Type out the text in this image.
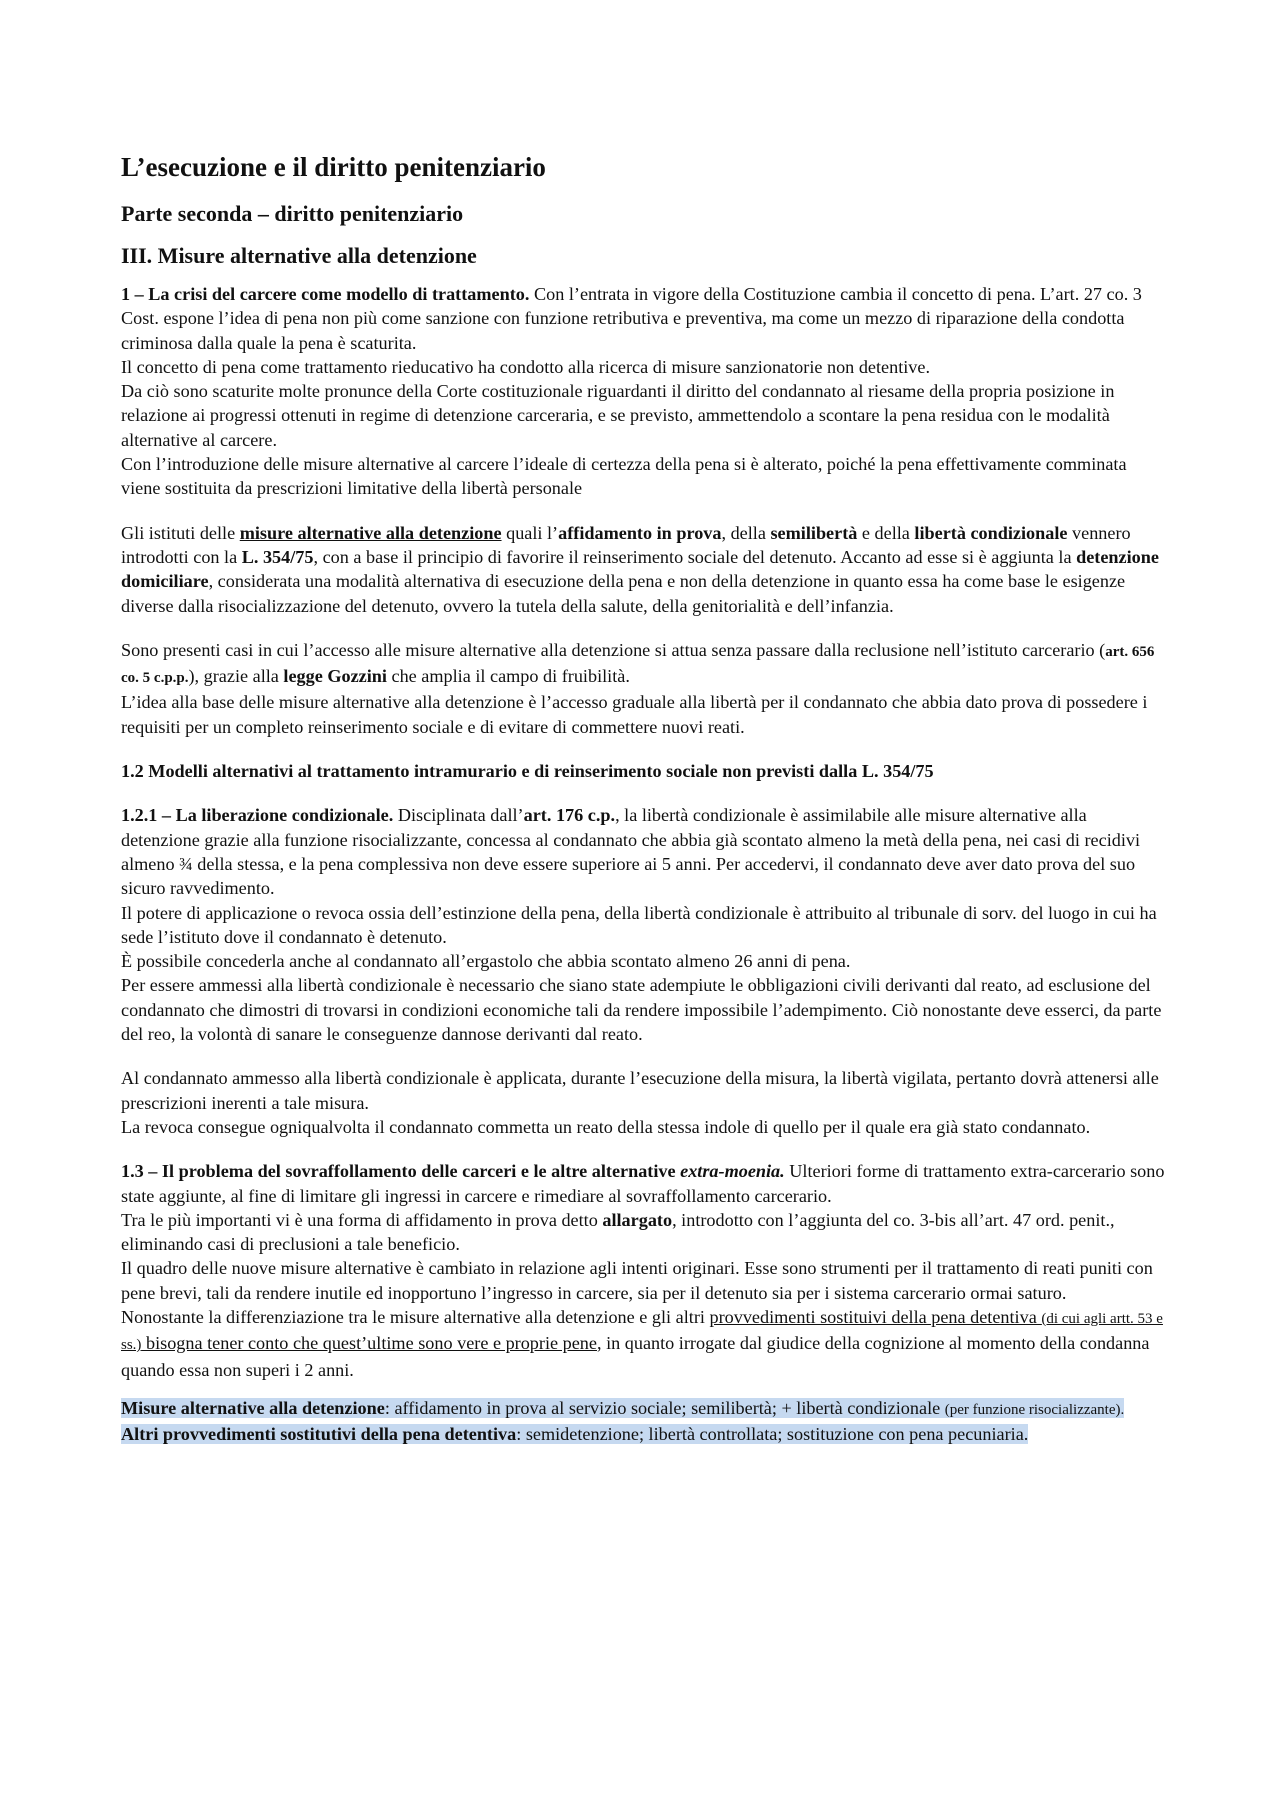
L’esecuzione e il diritto penitenziario
Parte seconda – diritto penitenziario
III. Misure alternative alla detenzione

1 – La crisi del carcere come modello di trattamento. Con l’entrata in vigore della Costituzione cambia il concetto di pena. L’art. 27 co. 3 Cost. espone l’idea di pena non più come sanzione con funzione retributiva e preventiva, ma come un mezzo di riparazione della condotta criminosa dalla quale la pena è scaturita.

Il concetto di pena come trattamento rieducativo ha condotto alla ricerca di misure sanzionatorie non detentive.

Da ciò sono scaturite molte pronunce della Corte costituzionale riguardanti il diritto del condannato al riesame della propria posizione in relazione ai progressi ottenuti in regime di detenzione carceraria, e se previsto, ammettendolo a scontare la pena residua con le modalità alternative al carcere.

Con l’introduzione delle misure alternative al carcere l’ideale di certezza della pena si è alterato, poiché la pena effettivamente comminata viene sostituita da prescrizioni limitative della libertà personale

Gli istituti delle misure alternative alla detenzione quali l’affidamento in prova, della semilibertà e della libertà condizionale vennero introdotti con la L. 354/75, con a base il principio di favorire il reinserimento sociale del detenuto. Accanto ad esse si è aggiunta la detenzione domiciliare, considerata una modalità alternativa di esecuzione della pena e non della detenzione in quanto essa ha come base le esigenze diverse dalla risocializzazione del detenuto, ovvero la tutela della salute, della genitorialità e dell’infanzia.

Sono presenti casi in cui l’accesso alle misure alternative alla detenzione si attua senza passare dalla reclusione nell’istituto carcerario (art. 656 co. 5 c.p.p.), grazie alla legge Gozzini che amplia il campo di fruibilità.

L’idea alla base delle misure alternative alla detenzione è l’accesso graduale alla libertà per il condannato che abbia dato prova di possedere i requisiti per un completo reinserimento sociale e di evitare di commettere nuovi reati.

1.2 Modelli alternativi al trattamento intramurario e di reinserimento sociale non previsti dalla L. 354/75

1.2.1 – La liberazione condizionale. Disciplinata dall’art. 176 c.p., la libertà condizionale è assimilabile alle misure alternative alla detenzione grazie alla funzione risocializzante, concessa al condannato che abbia già scontato almeno la metà della pena, nei casi di recidivi almeno ¾ della stessa, e la pena complessiva non deve essere superiore ai 5 anni. Per accedervi, il condannato deve aver dato prova del suo sicuro ravvedimento.

Il potere di applicazione o revoca ossia dell’estinzione della pena, della libertà condizionale è attribuito al tribunale di sorv. del luogo in cui ha sede l’istituto dove il condannato è detenuto.

È possibile concederla anche al condannato all’ergastolo che abbia scontato almeno 26 anni di pena.

Per essere ammessi alla libertà condizionale è necessario che siano state adempiute le obbligazioni civili derivanti dal reato, ad esclusione del condannato che dimostri di trovarsi in condizioni economiche tali da rendere impossibile l’adempimento. Ciò nonostante deve esserci, da parte del reo, la volontà di sanare le conseguenze dannose derivanti dal reato.

Al condannato ammesso alla libertà condizionale è applicata, durante l’esecuzione della misura, la libertà vigilata, pertanto dovrà attenersi alle prescrizioni inerenti a tale misura.

La revoca consegue ogniqualvolta il condannato commetta un reato della stessa indole di quello per il quale era già stato condannato.

1.3 – Il problema del sovraffollamento delle carceri e le altre alternative extra-moenia. Ulteriori forme di trattamento extra-carcerario sono state aggiunte, al fine di limitare gli ingressi in carcere e rimediare al sovraffollamento carcerario.

Tra le più importanti vi è una forma di affidamento in prova detto allargato, introdotto con l’aggiunta del co. 3-bis all’art. 47 ord. penit., eliminando casi di preclusioni a tale beneficio.

Il quadro delle nuove misure alternative è cambiato in relazione agli intenti originari. Esse sono strumenti per il trattamento di reati puniti con pene brevi, tali da rendere inutile ed inopportuno l’ingresso in carcere, sia per il detenuto sia per i sistema carcerario ormai saturo.

Nonostante la differenziazione tra le misure alternative alla detenzione e gli altri provvedimenti sostituivi della pena detentiva (di cui agli artt. 53 e ss.) bisogna tener conto che quest’ultime sono vere e proprie pene, in quanto irrogate dal giudice della cognizione al momento della condanna quando essa non superi i 2 anni.

Misure alternative alla detenzione: affidamento in prova al servizio sociale; semilibertà; + libertà condizionale (per funzione risocializzante).

Altri provvedimenti sostitutivi della pena detentiva: semidetenzione; libertà controllata; sostituzione con pena pecuniaria.
